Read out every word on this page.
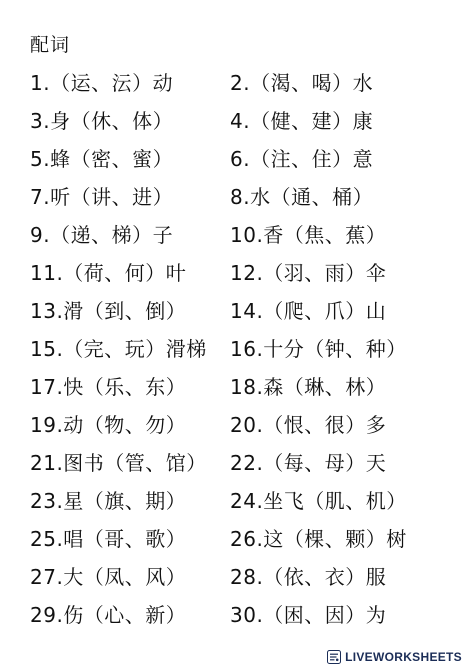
配词
1.（运、沄）动	2.（渴、喝）水
3.身（休、体）	4.（健、建）康
5.蜂（密、蜜）	6.（注、住）意
7.听（讲、进）	8.水（通、桶）
9.（递、梯）子	10.香（焦、蕉）
11.（荷、何）叶 12.（羽、雨）伞
13.滑（到、倒） 14.（爬、爪）山
15.（完、玩）滑梯 16.十分（钟、种）
17.快（乐、东） 18.森（琳、林）
19.动（物、勿） 20.（恨、很）多
21.图书（管、馆） 22.（每、母）天
23.星（旗、期） 24.坐飞（肌、机）
25.唱（哥、歌） 26.这（棵、颗）树
27.大（凤、风） 28.（依、衣）服
29.伤（心、新） 30.（困、因）为
LIVEWORKSHEETS
